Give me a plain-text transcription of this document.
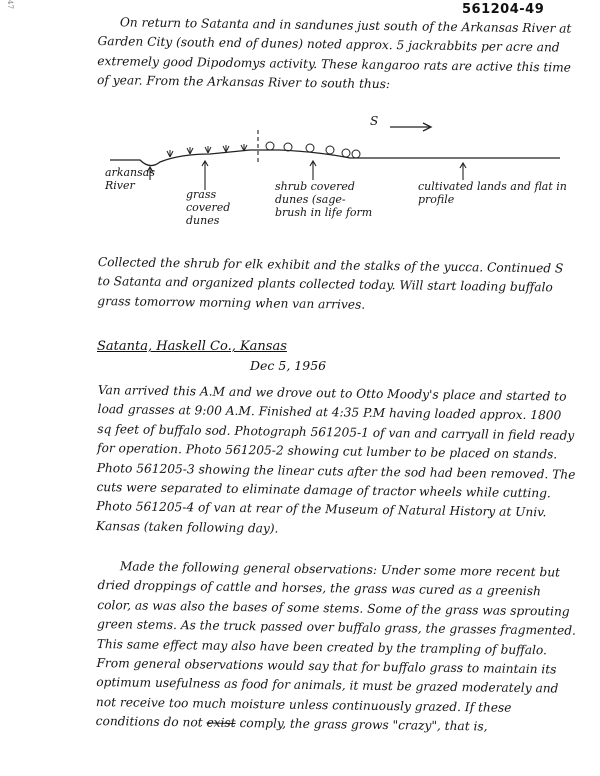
47	561204-49

On return to Satanta and in sandunes just south of the Arkansas River at Garden City (south end of dunes) noted approx. 5 jackrabbits per acre and extremely good Dipodomys activity. These kangaroo rats are active this time of year. From the Arkansas River to south thus:

S
arkansas River
grass covered dunes
shrub covered dunes (sage-brush in life form
cultivated lands and flat in profile

Collected the shrub for elk exhibit and the stalks of the yucca. Continued S to Satanta and organized plants collected today. Will start loading buffalo grass tomorrow morning when van arrives.

Satanta, Haskell Co., Kansas
Dec 5, 1956

Van arrived this A.M and we drove out to Otto Moody's place and started to load grasses at 9:00 A.M. Finished at 4:35 P.M having loaded approx. 1800 sq feet of buffalo sod. Photograph 561205-1 of van and carryall in field ready for operation. Photo 561205-2 showing cut lumber to be placed on stands. Photo 561205-3 showing the linear cuts after the sod had been removed. The cuts were separated to eliminate damage of tractor wheels while cutting. Photo 561205-4 of van at rear of the Museum of Natural History at Univ. Kansas (taken following day).

Made the following general observations: Under some more recent but dried droppings of cattle and horses, the grass was cured as a greenish color, as was also the bases of some stems. Some of the grass was sprouting green stems. As the truck passed over buffalo grass, the grasses fragmented. This same effect may also have been created by the trampling of buffalo. From general observations would say that for buffalo grass to maintain its optimum usefulness as food for animals, it must be grazed moderately and not receive too much moisture unless continuously grazed. If these conditions do not exist comply, the grass grows "crazy", that is,
